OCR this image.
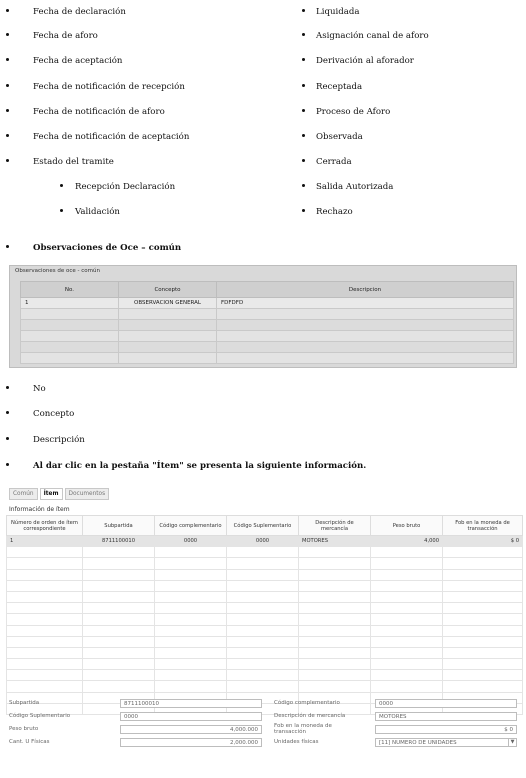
Fecha de declaración
Fecha de aforo
Fecha de aceptación
Fecha de notificación de recepción
Fecha de notificación de aforo
Fecha de notificación de aceptación
Estado del tramite
Recepción Declaración
Validación
Liquidada
Asignación canal de aforo
Derivación al aforador
Receptada
Proceso de Aforo
Observada
Cerrada
Salida Autorizada
Rechazo
Observaciones de Oce – común
Observaciones de oce - común
No.	Concepto	Descripcion
1	OBSERVACION GENERAL	FDFDFD

No
Concepto
Descripción
Al dar clic en la pestaña "Ítem" se presenta la siguiente información.
Común	Ítem	Documentos
Información de ítem
Número de orden de ítem correspondiente	Subpartida	Código complementario	Código Suplementario	Descripción de mercancía	Peso bruto	Fob en la moneda de transacción
1	8711100010	0000	0000	MOTORES	4,000	$ 0

Subpartida	8711100010	Código complementario	0000
Código Suplementario	0000	Descripción de mercancía	MOTORES
Peso bruto	4,000.000
Fob en la moneda de transacción	$ 0
Cant. U Físicas	2,000.000	Unidades físicas	[11] NUMERO DE UNIDADES	▼
